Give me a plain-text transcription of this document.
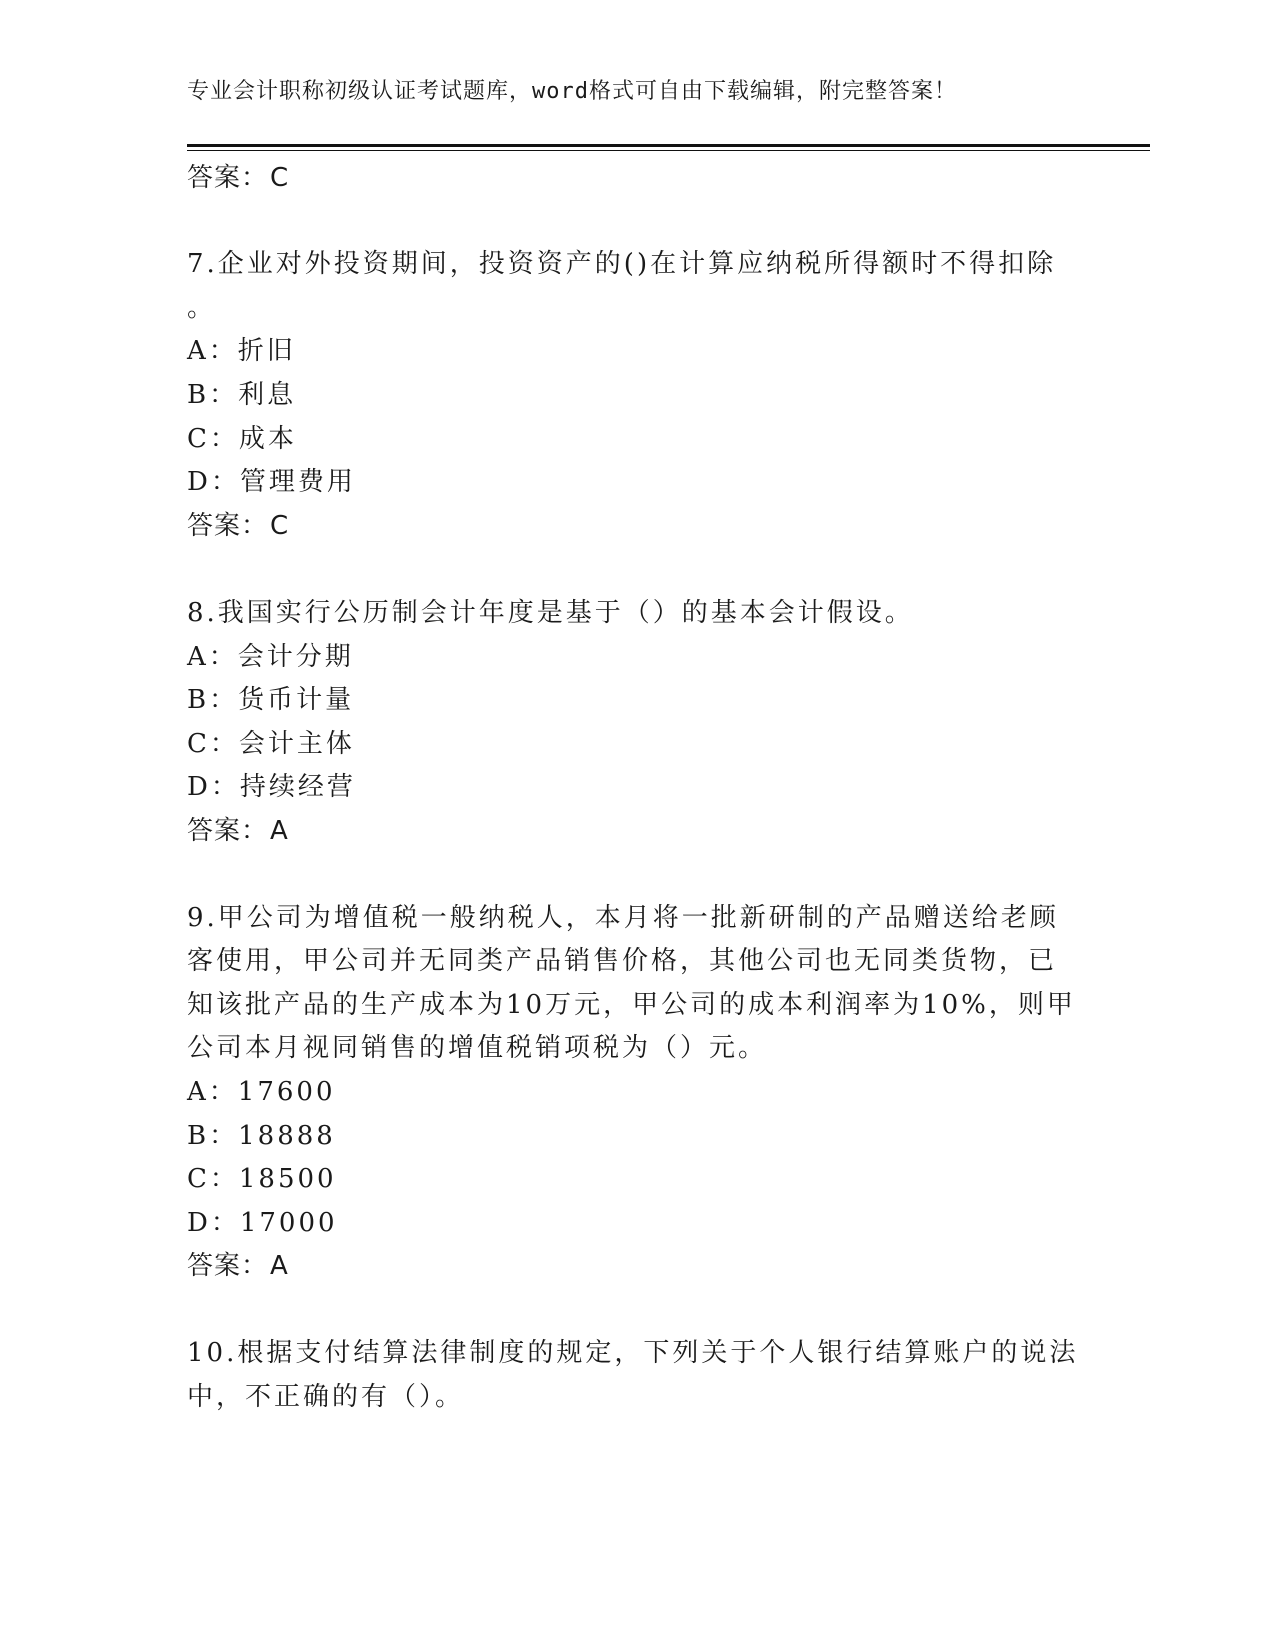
专业会计职称初级认证考试题库，word格式可自由下载编辑，附完整答案！
答案：C
7.企业对外投资期间，投资资产的()在计算应纳税所得额时不得扣除
。
A：折旧
B：利息
C：成本
D：管理费用
答案：C
8.我国实行公历制会计年度是基于（）的基本会计假设。
A：会计分期
B：货币计量
C：会计主体
D：持续经营
答案：A
9.甲公司为增值税一般纳税人，本月将一批新研制的产品赠送给老顾
客使用，甲公司并无同类产品销售价格，其他公司也无同类货物，已
知该批产品的生产成本为10万元，甲公司的成本利润率为10%，则甲
公司本月视同销售的增值税销项税为（）元。
A：17600
B：18888
C：18500
D：17000
答案：A
10.根据支付结算法律制度的规定，下列关于个人银行结算账户的说法
中，不正确的有（）。
